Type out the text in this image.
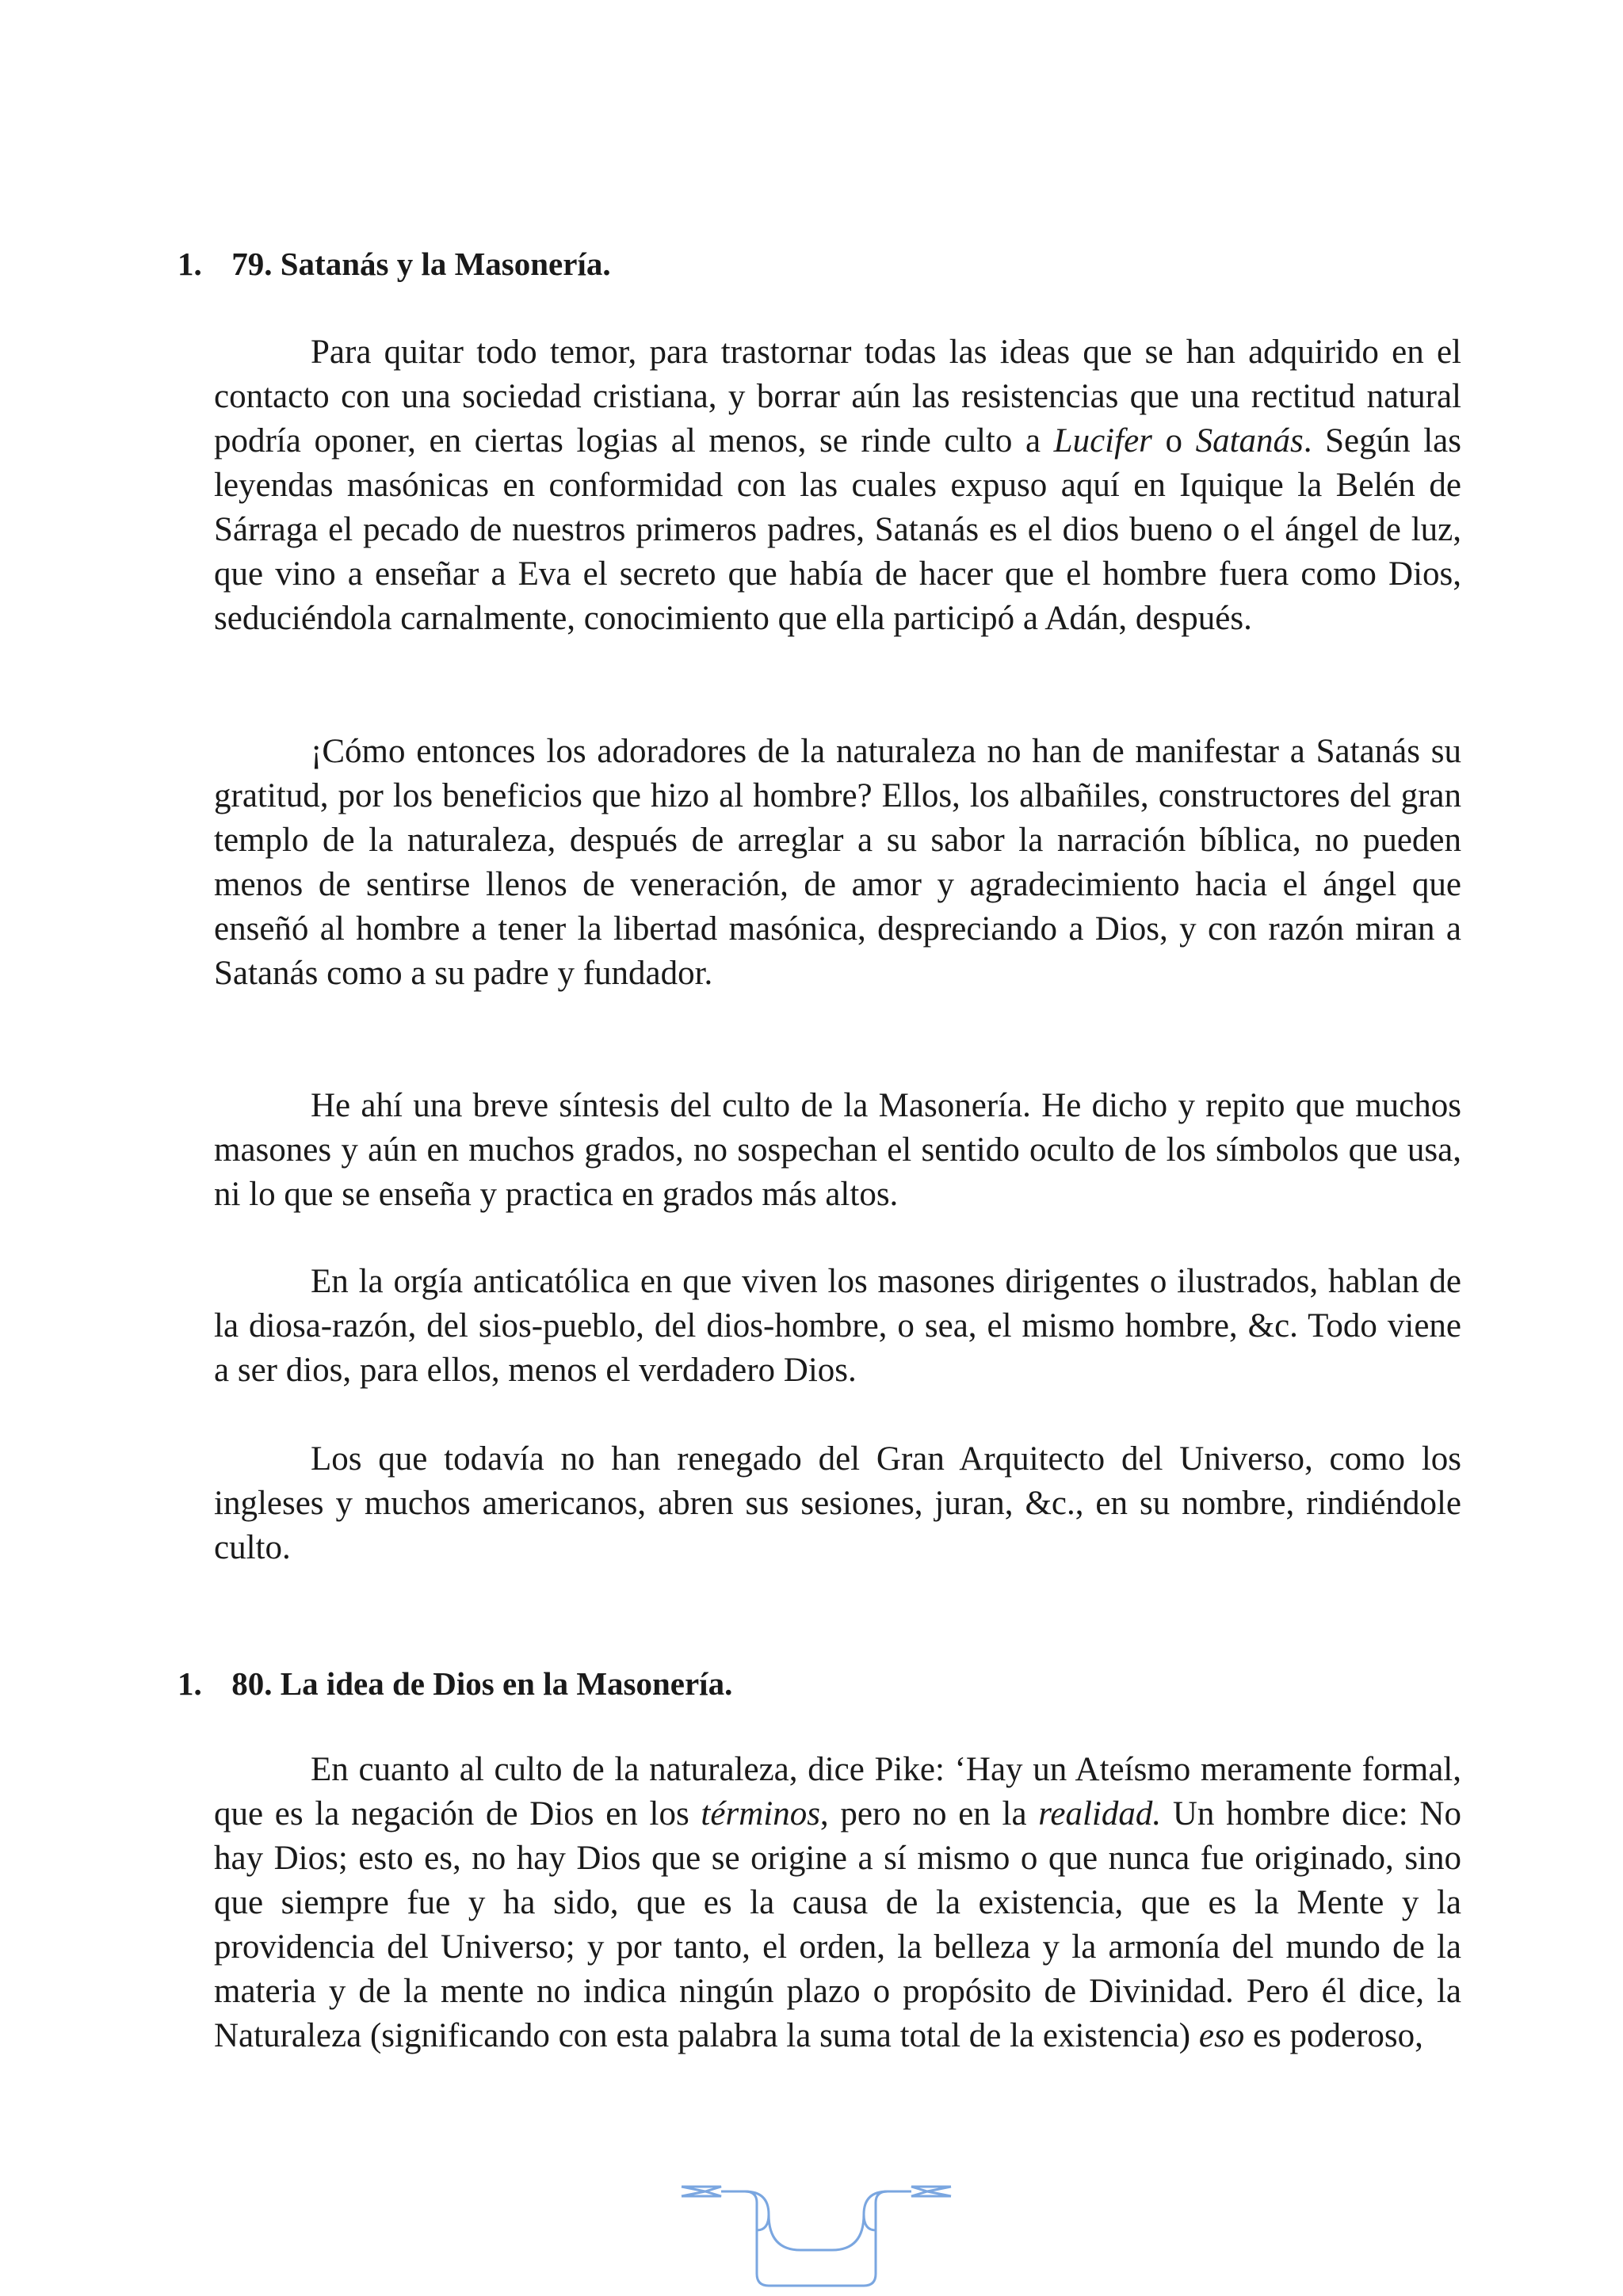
1. 79. Satanás y la Masonería.

Para quitar todo temor, para trastornar todas las ideas que se han adquirido en el contacto con una sociedad cristiana, y borrar aún las resistencias que una rectitud natural podría oponer, en ciertas logias al menos, se rinde culto a Lucifer o Satanás. Según las leyendas masónicas en conformidad con las cuales expuso aquí en Iquique la Belén de Sárraga el pecado de nuestros primeros padres, Satanás es el dios bueno o el ángel de luz, que vino a enseñar a Eva el secreto que había de hacer que el hombre fuera como Dios, seduciéndola carnalmente, conocimiento que ella participó a Adán, después.

¡Cómo entonces los adoradores de la naturaleza no han de manifestar a Satanás su gratitud, por los beneficios que hizo al hombre? Ellos, los albañiles, constructores del gran templo de la naturaleza, después de arreglar a su sabor la narración bíblica, no pueden menos de sentirse llenos de veneración, de amor y agradecimiento hacia el ángel que enseñó al hombre a tener la libertad masónica, despreciando a Dios, y con razón miran a Satanás como a su padre y fundador.

He ahí una breve síntesis del culto de la Masonería. He dicho y repito que muchos masones y aún en muchos grados, no sospechan el sentido oculto de los símbolos que usa, ni lo que se enseña y practica en grados más altos.

En la orgía anticatólica en que viven los masones dirigentes o ilustrados, hablan de la diosa-razón, del sios-pueblo, del dios-hombre, o sea, el mismo hombre, &c. Todo viene a ser dios, para ellos, menos el verdadero Dios.

Los que todavía no han renegado del Gran Arquitecto del Universo, como los ingleses y muchos americanos, abren sus sesiones, juran, &c., en su nombre, rindiéndole culto.

1. 80. La idea de Dios en la Masonería.

En cuanto al culto de la naturaleza, dice Pike: ‘Hay un Ateísmo meramente formal, que es la negación de Dios en los términos, pero no en la realidad. Un hombre dice: No hay Dios; esto es, no hay Dios que se origine a sí mismo o que nunca fue originado, sino que siempre fue y ha sido, que es la causa de la existencia, que es la Mente y la providencia del Universo; y por tanto, el orden, la belleza y la armonía del mundo de la materia y de la mente no indica ningún plazo o propósito de Divinidad. Pero él dice, la Naturaleza (significando con esta palabra la suma total de la existencia) eso es poderoso,
